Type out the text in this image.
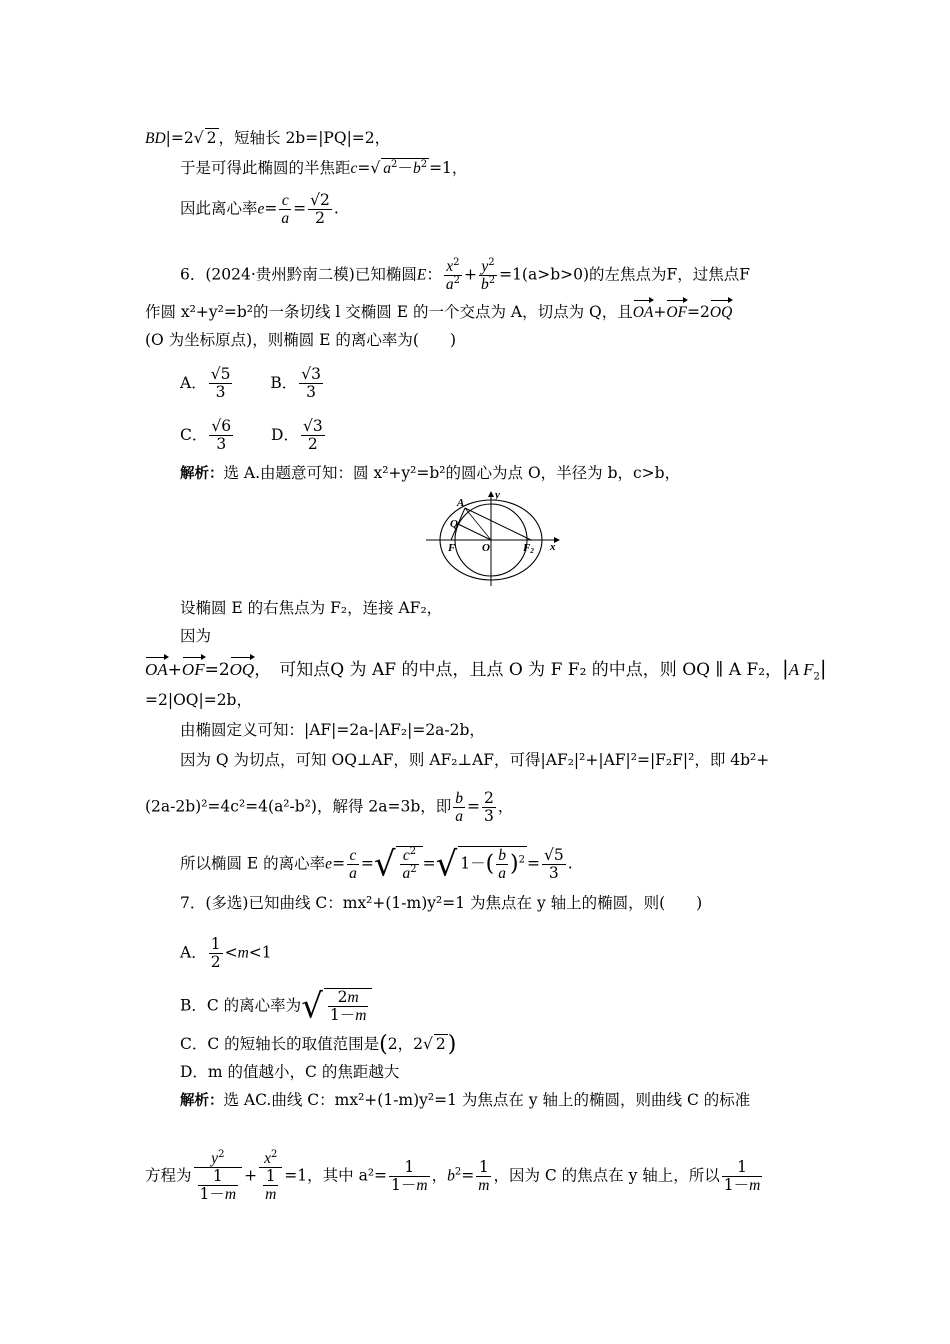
BD|=2√ 2 ，短轴长 2b=|PQ|=2，
于是可得此椭圆的半焦距c=√ $a^2-b^2 =1$，
因此离心率$e= \frac{c}{a} = \frac{√2}{2}$ .
6．(2024·贵州黔南二模)已知椭圆E： $\frac{x^2}{a^2} + \frac{y^2}{b^2} =1(a>b>0)$的左焦点为F，过焦点F
作圆 x²+y²=b²的一条切线 l 交椭圆 E 的一个交点为 A，切点为 Q，且OA+OF=2OQ
(O 为坐标原点)，则椭圆 E 的离心率为(　　)
A． $\frac{√5}{3}$ B． $\frac{√3}{3}$
C． $\frac{√6}{3}$ D． $\frac{√3}{2}$
解析：选 A.由题意可知：圆 x²+y²=b²的圆心为点 O，半径为 b，c>b，
A
Q
F O	F2
y
x
设椭圆 E 的右焦点为 F₂，连接 AF₂，
因为
OA+OF=2OQ， 可知点Q 为 AF 的中点，且点 O 为 F F₂ 的中点，则 OQ ∥ A F₂，|A $F_2|$
=2|OQ|=2b，
由椭圆定义可知：|AF|=2a-|AF₂|=2a-2b，
因为 Q 为切点，可知 OQ⊥AF，则 AF₂⊥AF，可得|AF₂|²+|AF|²=|F₂F|²，即 4b²+
(2a-2b)²=4c²=4(a²-b²)，解得 2a=3b，即 $\frac{b}{a} = \frac{2}{3}$ ，
所以椭圆 E 的离心率$e= \frac{c}{a}$ =√ $\frac{c^2}{a^2}$ =√ $1-( \frac{b}{a} )^2 = \frac{√5}{3}$ .
7．(多选)已知曲线 C：mx²+(1-m)y²=1 为焦点在 y 轴上的椭圆，则(　　)
A． $\frac{1}{2} <m<1$
B．C 的离心率为√ $\frac{2m}{1-m}$
C．C 的短轴长的取值范围是(2，2√ 2)
D．m 的值越小，C 的焦距越大
解析：选 AC.曲线 C：mx²+(1-m)y²=1 为焦点在 y 轴上的椭圆，则曲线 C 的标准
方程为 $y^2$
1
$1-m + x^2$
1
m =1，其中 $a^2= \frac{1}{1-m}$ ，$b^2= \frac{1}{m}$ ，因为 C 的焦点在 y 轴上，所以 $\frac{1}{1-m}$
